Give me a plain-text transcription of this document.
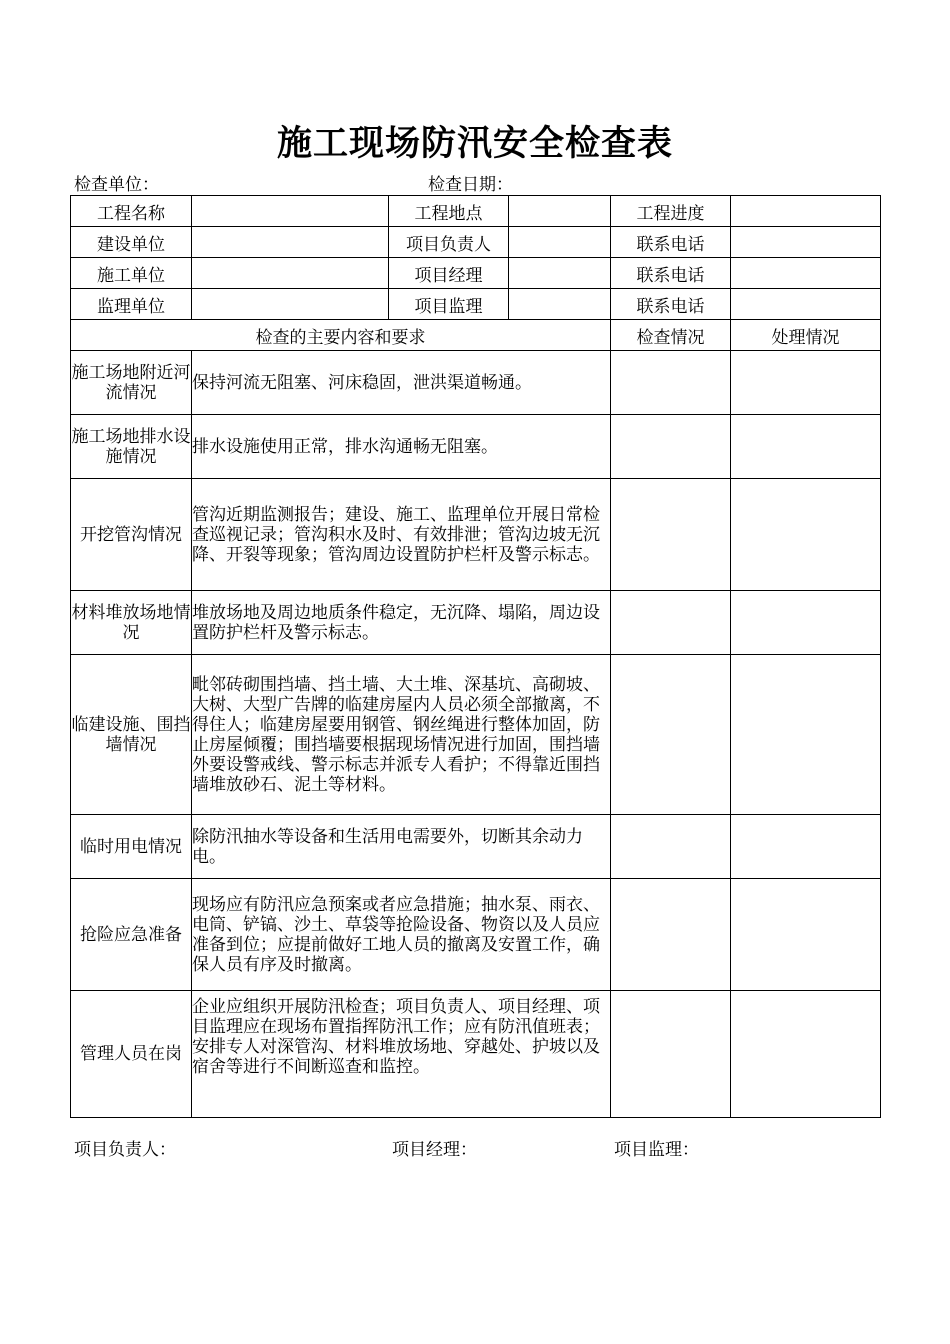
施工现场防汛安全检查表
检查单位：	检查日期：
工程名称		工程地点		工程进度	
建设单位		项目负责人		联系电话	
施工单位		项目经理		联系电话	
监理单位		项目监理		联系电话	
检查的主要内容和要求				检查情况	处理情况
施工场地附近河流情况	保持河流无阻塞、河床稳固，泄洪渠道畅通。				
施工场地排水设施情况	排水设施使用正常，排水沟通畅无阻塞。				
开挖管沟情况	管沟近期监测报告；建设、施工、监理单位开展日常检查巡视记录；管沟积水及时、有效排泄；管沟边坡无沉降、开裂等现象；管沟周边设置防护栏杆及警示标志。				
材料堆放场地情况	堆放场地及周边地质条件稳定，无沉降、塌陷，周边设置防护栏杆及警示标志。				
临建设施、围挡墙情况	毗邻砖砌围挡墙、挡土墙、大土堆、深基坑、高砌坡、大树、大型广告牌的临建房屋内人员必须全部撤离，不得住人；临建房屋要用钢管、钢丝绳进行整体加固，防止房屋倾覆；围挡墙要根据现场情况进行加固，围挡墙外要设警戒线、警示标志并派专人看护；不得靠近围挡墙堆放砂石、泥土等材料。				
临时用电情况	除防汛抽水等设备和生活用电需要外，切断其余动力电。				
抢险应急准备	现场应有防汛应急预案或者应急措施；抽水泵、雨衣、电筒、铲镐、沙土、草袋等抢险设备、物资以及人员应准备到位；应提前做好工地人员的撤离及安置工作，确保人员有序及时撤离。				
管理人员在岗	企业应组织开展防汛检查；项目负责人、项目经理、项目监理应在现场布置指挥防汛工作；应有防汛值班表；安排专人对深管沟、材料堆放场地、穿越处、护坡以及宿舍等进行不间断巡查和监控。				
项目负责人：	项目经理：	项目监理：
